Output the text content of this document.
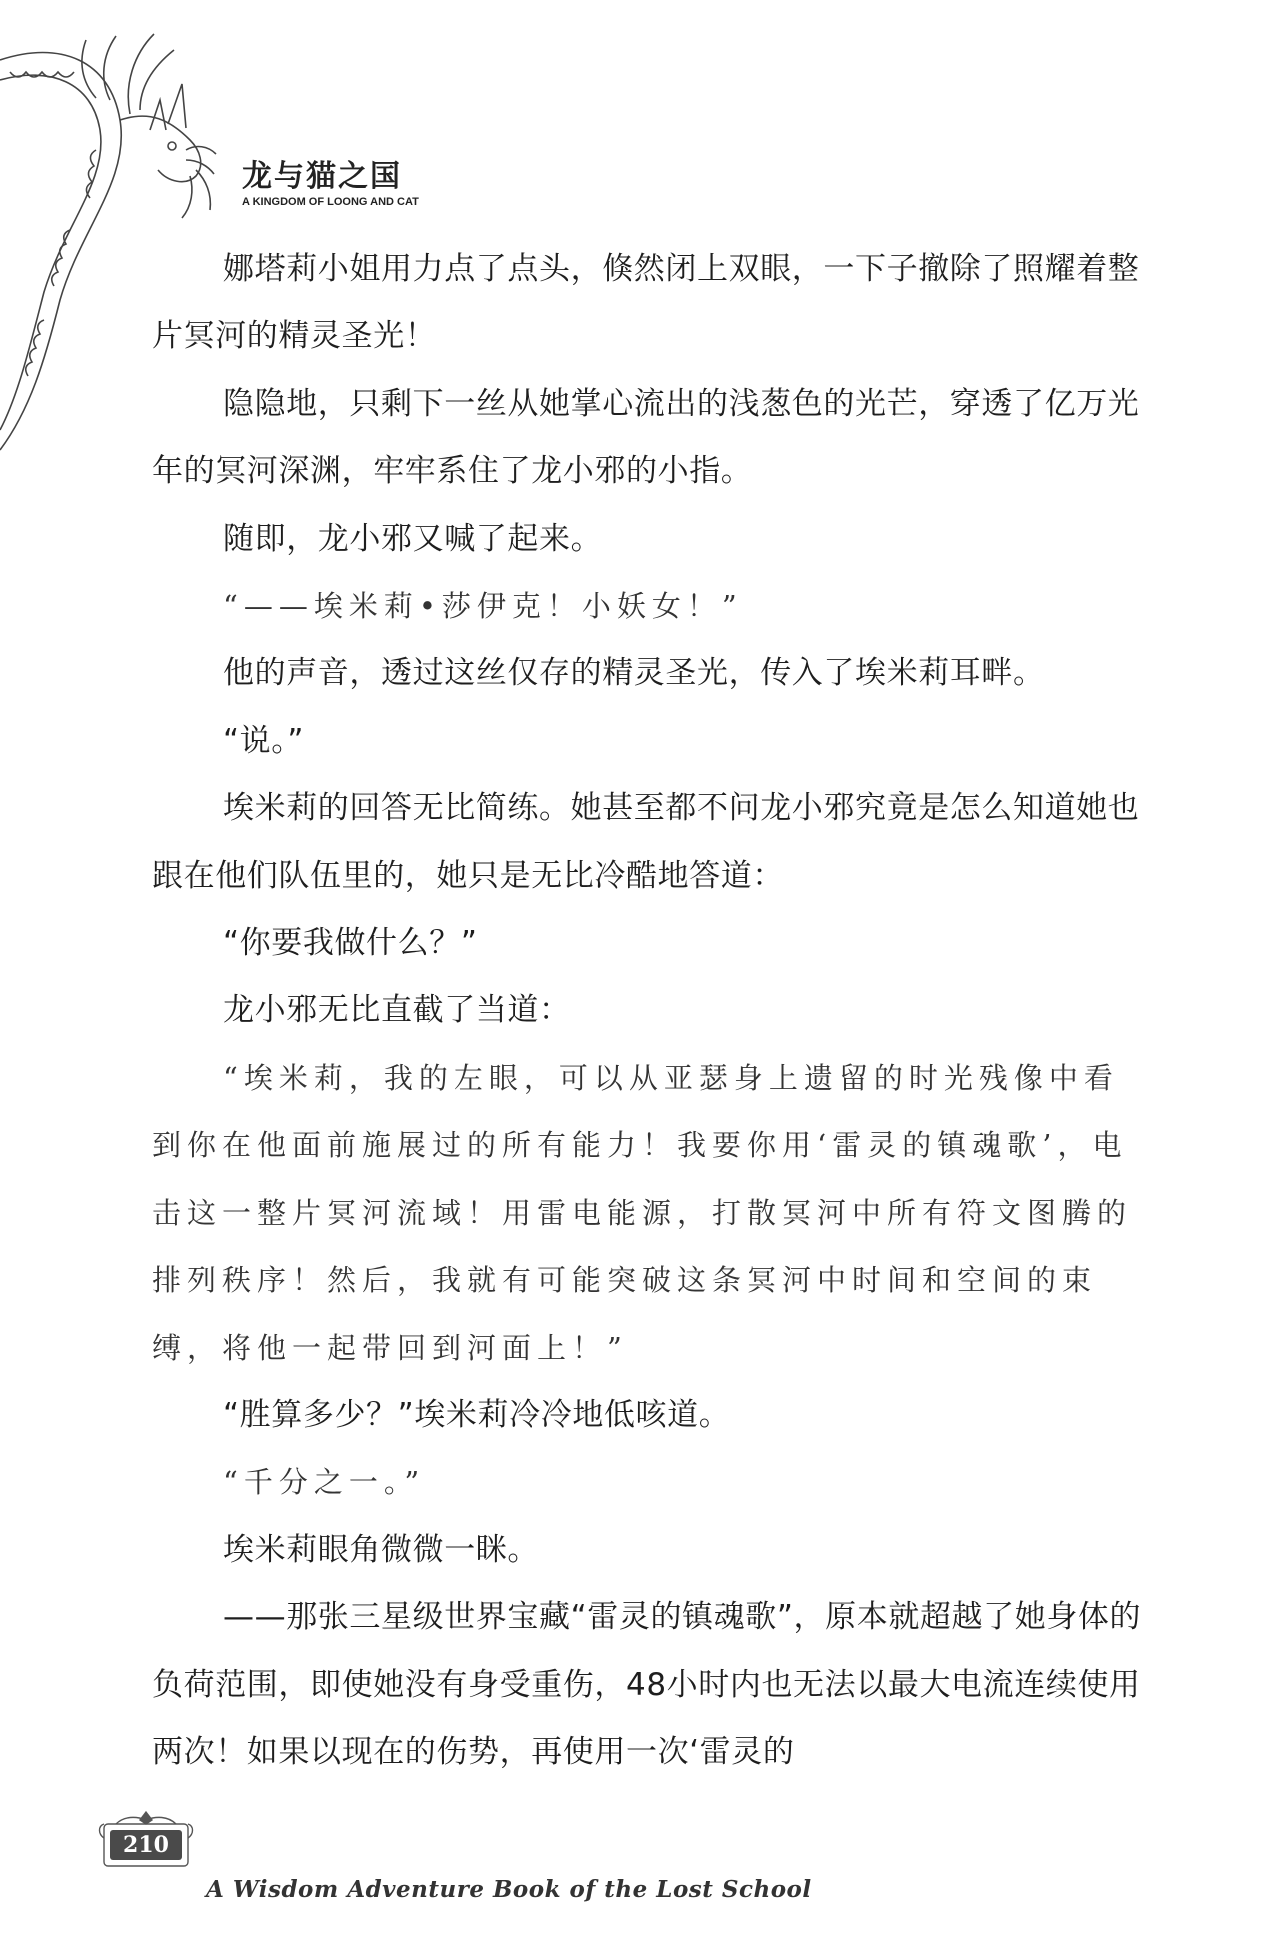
龙与猫之国
A KINGDOM OF LOONG AND CAT

娜塔莉小姐用力点了点头，倏然闭上双眼，一下子撤除了照耀着整片冥河的精灵圣光！

隐隐地，只剩下一丝从她掌心流出的浅葱色的光芒，穿透了亿万光年的冥河深渊，牢牢系住了龙小邪的小指。

随即，龙小邪又喊了起来。

“——埃米莉•莎伊克！小妖女！”

他的声音，透过这丝仅存的精灵圣光，传入了埃米莉耳畔。

“说。”

埃米莉的回答无比简练。她甚至都不问龙小邪究竟是怎么知道她也跟在他们队伍里的，她只是无比冷酷地答道：

“你要我做什么？”

龙小邪无比直截了当道：

“埃米莉，我的左眼，可以从亚瑟身上遗留的时光残像中看到你在他面前施展过的所有能力！我要你用‘雷灵的镇魂歌’，电击这一整片冥河流域！用雷电能源，打散冥河中所有符文图腾的排列秩序！然后，我就有可能突破这条冥河中时间和空间的束缚，将他一起带回到河面上！”

“胜算多少？”埃米莉冷冷地低咳道。

“千分之一。”

埃米莉眼角微微一眯。

——那张三星级世界宝藏“雷灵的镇魂歌”，原本就超越了她身体的负荷范围，即使她没有身受重伤，48小时内也无法以最大电流连续使用两次！如果以现在的伤势，再使用一次‘雷灵的

210
A Wisdom Adventure Book of the Lost School
